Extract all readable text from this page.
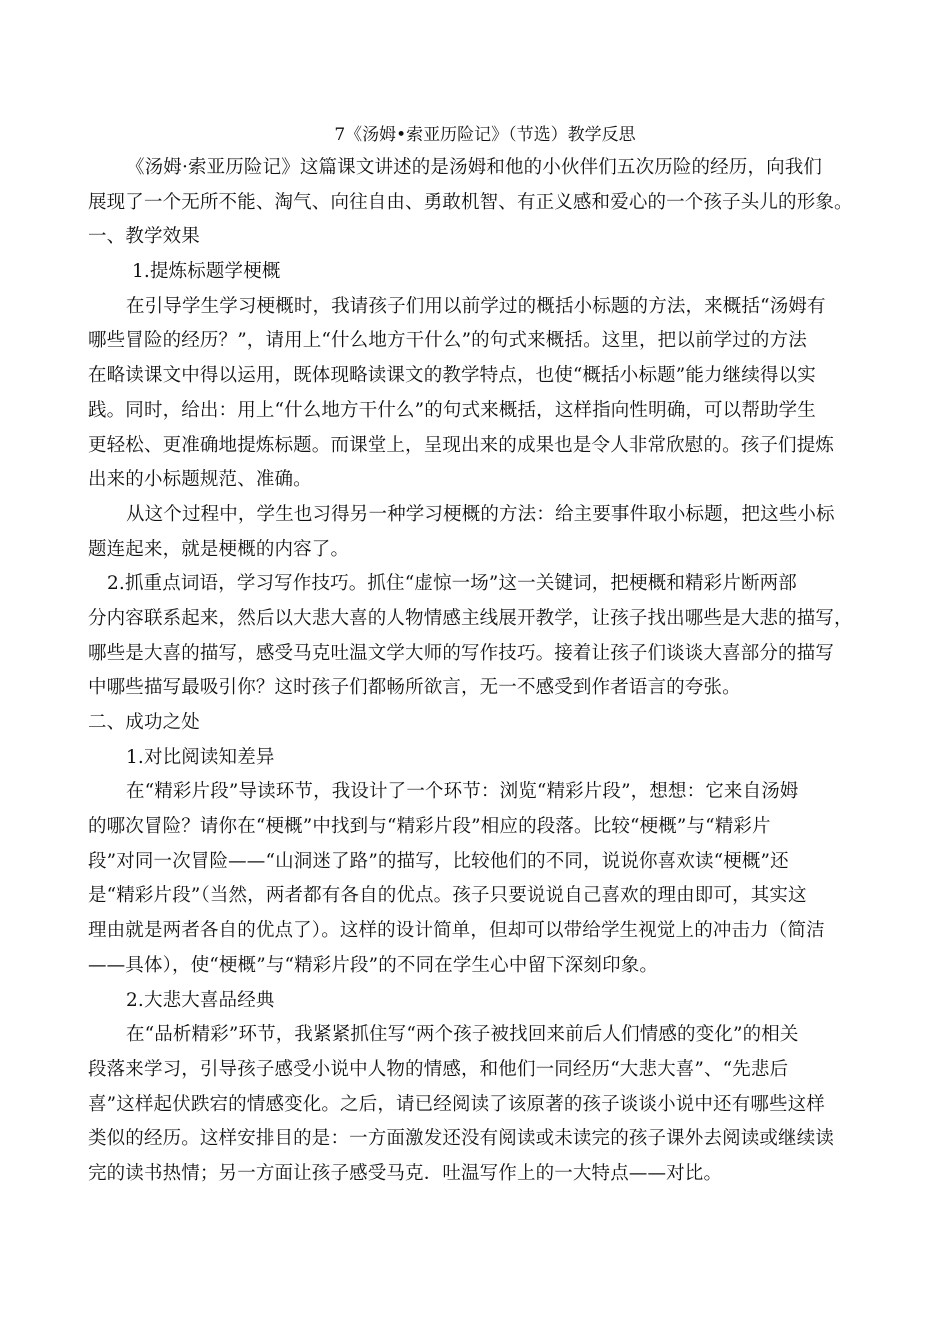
7《汤姆•索亚历险记》（节选）教学反思
《汤姆·索亚历险记》这篇课文讲述的是汤姆和他的小伙伴们五次历险的经历，向我们
展现了一个无所不能、淘气、向往自由、勇敢机智、有正义感和爱心的一个孩子头儿的形象。
一、教学效果
1.提炼标题学梗概
在引导学生学习梗概时，我请孩子们用以前学过的概括小标题的方法，来概括“汤姆有
哪些冒险的经历？”，请用上“什么地方干什么”的句式来概括。这里，把以前学过的方法
在略读课文中得以运用，既体现略读课文的教学特点，也使“概括小标题”能力继续得以实
践。同时，给出：用上“什么地方干什么”的句式来概括，这样指向性明确，可以帮助学生
更轻松、更准确地提炼标题。而课堂上，呈现出来的成果也是令人非常欣慰的。孩子们提炼
出来的小标题规范、准确。
从这个过程中，学生也习得另一种学习梗概的方法：给主要事件取小标题，把这些小标
题连起来，就是梗概的内容了。
2.抓重点词语，学习写作技巧。抓住“虚惊一场”这一关键词，把梗概和精彩片断两部
分内容联系起来，然后以大悲大喜的人物情感主线展开教学，让孩子找出哪些是大悲的描写，
哪些是大喜的描写，感受马克吐温文学大师的写作技巧。接着让孩子们谈谈大喜部分的描写
中哪些描写最吸引你？这时孩子们都畅所欲言，无一不感受到作者语言的夸张。
二、成功之处
1.对比阅读知差异
在“精彩片段”导读环节，我设计了一个环节：浏览“精彩片段”，想想：它来自汤姆
的哪次冒险？请你在“梗概”中找到与“精彩片段”相应的段落。比较“梗概”与“精彩片
段”对同一次冒险——“山洞迷了路”的描写，比较他们的不同，说说你喜欢读“梗概”还
是“精彩片段”（当然，两者都有各自的优点。孩子只要说说自己喜欢的理由即可，其实这
理由就是两者各自的优点了）。这样的设计简单，但却可以带给学生视觉上的冲击力（简洁
——具体），使“梗概”与“精彩片段”的不同在学生心中留下深刻印象。
2.大悲大喜品经典
在“品析精彩”环节，我紧紧抓住写“两个孩子被找回来前后人们情感的变化”的相关
段落来学习，引导孩子感受小说中人物的情感，和他们一同经历“大悲大喜”、“先悲后
喜”这样起伏跌宕的情感变化。之后，请已经阅读了该原著的孩子谈谈小说中还有哪些这样
类似的经历。这样安排目的是：一方面激发还没有阅读或未读完的孩子课外去阅读或继续读
完的读书热情；另一方面让孩子感受马克．吐温写作上的一大特点——对比。
